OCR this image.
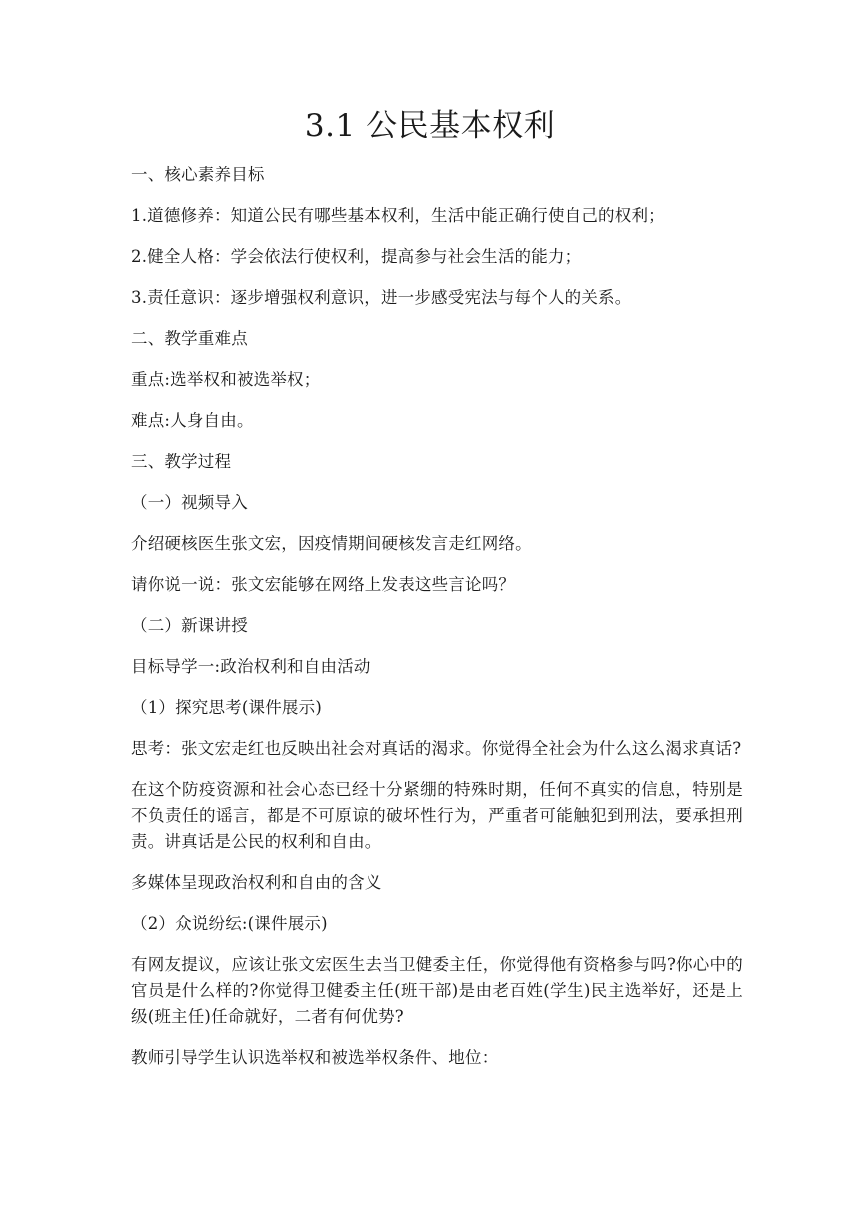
3.1 公民基本权利

一、核心素养目标

1.道德修养：知道公民有哪些基本权利，生活中能正确行使自己的权利；

2.健全人格：学会依法行使权利，提高参与社会生活的能力；

3.责任意识：逐步增强权利意识，进一步感受宪法与每个人的关系。

二、教学重难点

重点:选举权和被选举权；

难点:人身自由。

三、教学过程

（一）视频导入

介绍硬核医生张文宏，因疫情期间硬核发言走红网络。

请你说一说：张文宏能够在网络上发表这些言论吗？

（二）新课讲授

目标导学一:政治权利和自由活动

（1）探究思考(课件展示)

思考：张文宏走红也反映出社会对真话的渴求。你觉得全社会为什么这么渴求真话?

在这个防疫资源和社会心态已经十分紧绷的特殊时期，任何不真实的信息，特别是不负责任的谣言，都是不可原谅的破坏性行为，严重者可能触犯到刑法，要承担刑责。讲真话是公民的权利和自由。

多媒体呈现政治权利和自由的含义

（2）众说纷纭:(课件展示)

有网友提议，应该让张文宏医生去当卫健委主任，你觉得他有资格参与吗?你心中的官员是什么样的?你觉得卫健委主任(班干部)是由老百姓(学生)民主选举好，还是上级(班主任)任命就好，二者有何优势?

教师引导学生认识选举权和被选举权条件、地位：
